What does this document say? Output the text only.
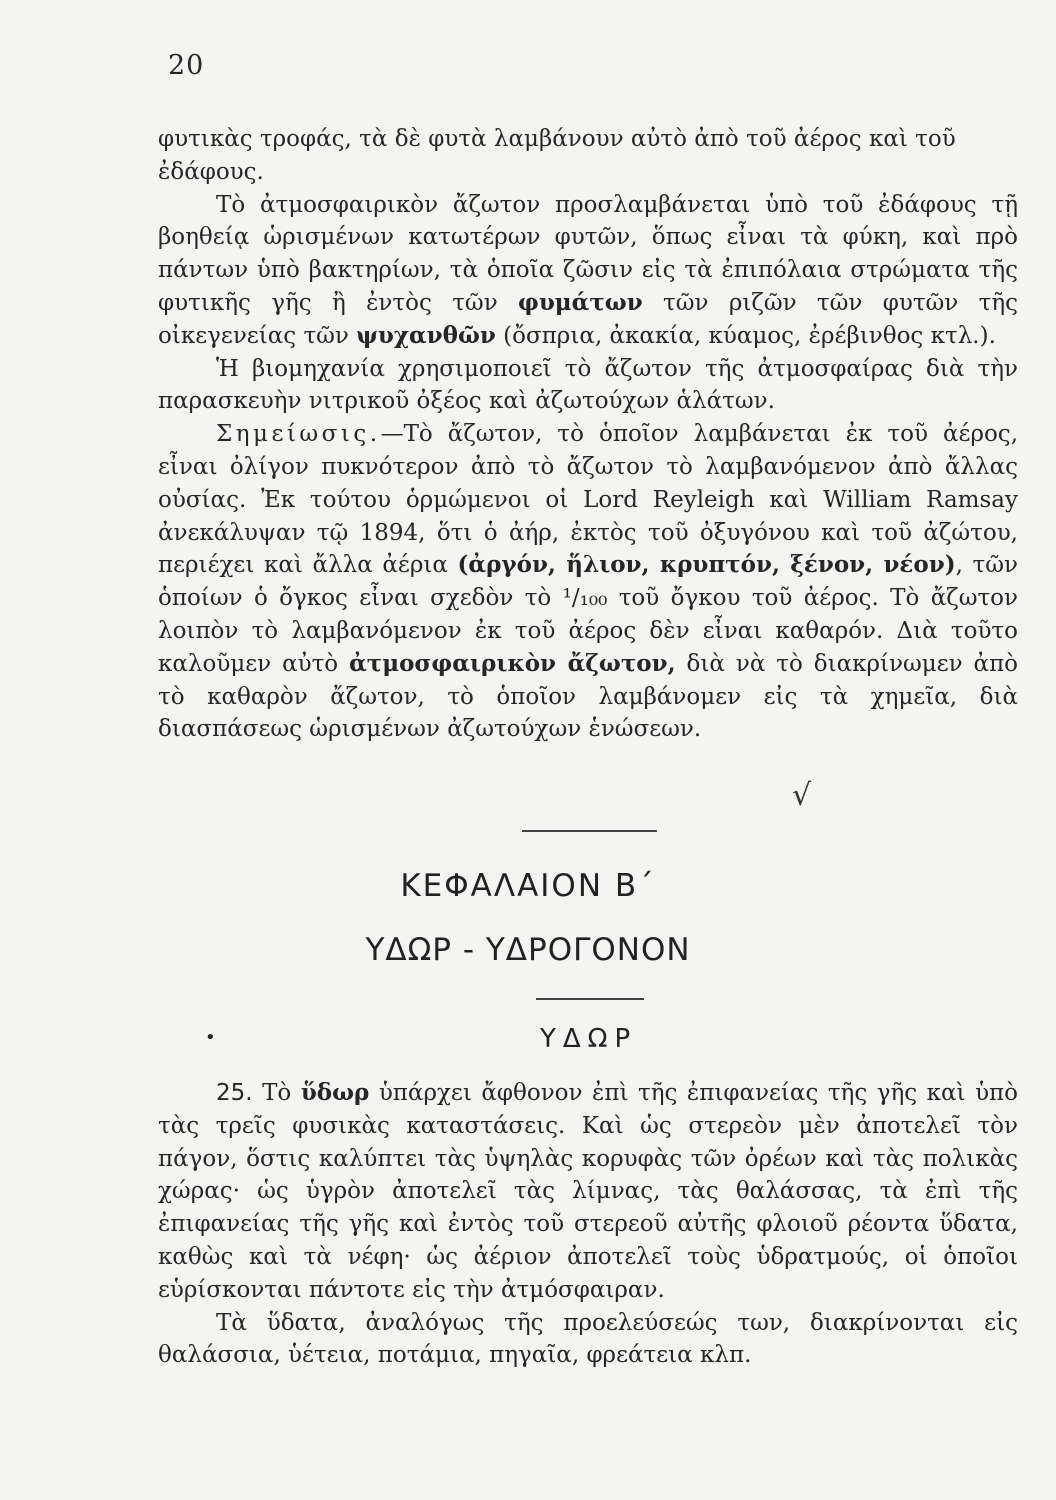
20

φυτικὰς τροφάς, τὰ δὲ φυτὰ λαμβάνουν αὐτὸ ἀπὸ τοῦ ἀέρος καὶ τοῦ
ἐδάφους.

Τὸ ἀτμοσφαιρικὸν ἄζωτον προσλαμβάνεται ὑπὸ τοῦ ἐδάφους τῇ βοηθείᾳ ὡρισμένων κατωτέρων φυτῶν, ὅπως εἶναι τὰ φύκη, καὶ πρὸ πάντων ὑπὸ βακτηρίων, τὰ ὁποῖα ζῶσιν εἰς τὰ ἐπιπόλαια στρώματα τῆς φυτικῆς γῆς ἢ ἐντὸς τῶν φυμάτων τῶν ριζῶν τῶν φυτῶν τῆς οἰκεγενείας τῶν ψυχανθῶν (ὄσπρια, ἀκακία, κύαμος, ἐρέβινθος κτλ.).

Ἡ βιομηχανία χρησιμοποιεῖ τὸ ἄζωτον τῆς ἀτμοσφαίρας διὰ τὴν παρασκευὴν νιτρικοῦ ὀξέος καὶ ἀζωτούχων ἁλάτων.

Σημείωσις.—Τὸ ἄζωτον, τὸ ὁποῖον λαμβάνεται ἐκ τοῦ ἀέρος, εἶναι ὀλίγον πυκνότερον ἀπὸ τὸ ἄζωτον τὸ λαμβανόμενον ἀπὸ ἄλλας οὐσίας. Ἐκ τούτου ὁρμώμενοι οἱ Lord Reyleigh καὶ William Ramsay ἀνεκάλυψαν τῷ 1894, ὅτι ὁ ἀήρ, ἐκτὸς τοῦ ὀξυγόνου καὶ τοῦ ἀζώτου, περιέχει καὶ ἄλλα ἀέρια (ἀργόν, ἥλιον, κρυπτόν, ξένον, νέον), τῶν ὁποίων ὁ ὄγκος εἶναι σχεδὸν τὸ ¹/₁₀₀ τοῦ ὄγκου τοῦ ἀέρος. Τὸ ἄζωτον λοιπὸν τὸ λαμβανόμενον ἐκ τοῦ ἀέρος δὲν εἶναι καθαρόν. Διὰ τοῦτο καλοῦμεν αὐτὸ ἀτμοσφαιρικὸν ἄζωτον, διὰ νὰ τὸ διακρίνωμεν ἀπὸ τὸ καθαρὸν ἄζωτον, τὸ ὁποῖον λαμβάνομεν εἰς τὰ χημεῖα, διὰ διασπάσεως ὡρισμένων ἀζωτούχων ἑνώσεων.

√
ΚΕΦΑΛΑΙΟΝ Β΄
ΥΔΩΡ - ΥΔΡΟΓΟΝΟΝ
•	ΥΔΩΡ

25. Τὸ ὕδωρ ὑπάρχει ἄφθονον ἐπὶ τῆς ἐπιφανείας τῆς γῆς καὶ ὑπὸ τὰς τρεῖς φυσικὰς καταστάσεις. Καὶ ὡς στερεὸν μὲν ἀποτελεῖ τὸν πάγον, ὅστις καλύπτει τὰς ὑψηλὰς κορυφὰς τῶν ὀρέων καὶ τὰς πολικὰς χώρας· ὡς ὑγρὸν ἀποτελεῖ τὰς λίμνας, τὰς θαλάσσας, τὰ ἐπὶ τῆς ἐπιφανείας τῆς γῆς καὶ ἐντὸς τοῦ στερεοῦ αὐτῆς φλοιοῦ ρέοντα ὕδατα, καθὼς καὶ τὰ νέφη· ὡς ἀέριον ἀποτελεῖ τοὺς ὑδρατμούς, οἱ ὁποῖοι εὑρίσκονται πάντοτε εἰς τὴν ἀτμόσφαιραν.

Τὰ ὕδατα, ἀναλόγως τῆς προελεύσεώς των, διακρίνονται εἰς θαλάσσια, ὑέτεια, ποτάμια, πηγαῖα, φρεάτεια κλπ.
